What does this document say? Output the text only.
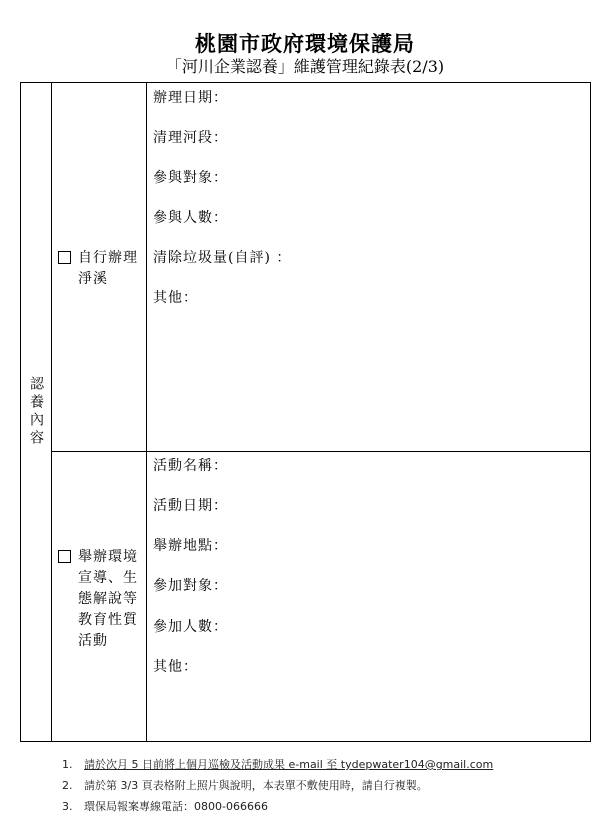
桃園市政府環境保護局
「河川企業認養」維護管理紀錄表(2/3)
認養內容
自行辦理淨溪
辦理日期：
清理河段：
參與對象：
參與人數：
清除垃圾量(自評) ：
其他：
舉辦環境宣導、生態解說等教育性質活動
活動名稱：
活動日期：
舉辦地點：
參加對象：
參加人數：
其他：
1. 請於次月 5 日前將上個月巡檢及活動成果 e-mail 至 tydepwater104@gmail.com
2. 請於第 3/3 頁表格附上照片與說明，本表單不敷使用時，請自行複製。
3. 環保局報案專線電話：0800-066666
